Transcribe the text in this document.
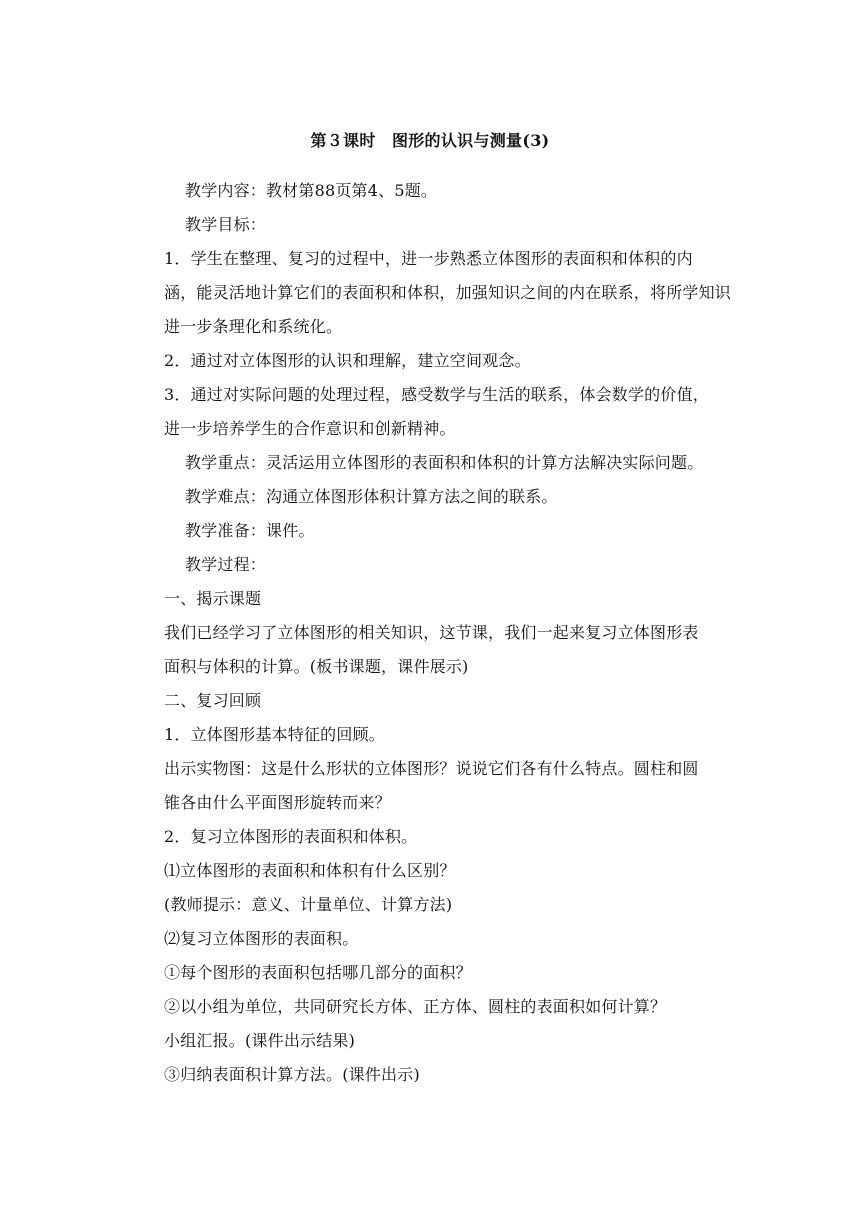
第３课时　图形的认识与测量(3)
教学内容：教材第88页第4、5题。
教学目标：
1．学生在整理、复习的过程中，进一步熟悉立体图形的表面积和体积的内
涵，能灵活地计算它们的表面积和体积，加强知识之间的内在联系，将所学知识
进一步条理化和系统化。
2．通过对立体图形的认识和理解，建立空间观念。
3．通过对实际问题的处理过程，感受数学与生活的联系，体会数学的价值，
进一步培养学生的合作意识和创新精神。
教学重点：灵活运用立体图形的表面积和体积的计算方法解决实际问题。
教学难点：沟通立体图形体积计算方法之间的联系。
教学准备：课件。
教学过程：
一、揭示课题
我们已经学习了立体图形的相关知识，这节课，我们一起来复习立体图形表
面积与体积的计算。(板书课题，课件展示)
二、复习回顾
1．立体图形基本特征的回顾。
出示实物图：这是什么形状的立体图形？说说它们各有什么特点。圆柱和圆
锥各由什么平面图形旋转而来？
2．复习立体图形的表面积和体积。
⑴立体图形的表面积和体积有什么区别？
(教师提示：意义、计量单位、计算方法)
⑵复习立体图形的表面积。
①每个图形的表面积包括哪几部分的面积？
②以小组为单位，共同研究长方体、正方体、圆柱的表面积如何计算？
小组汇报。(课件出示结果)
③归纳表面积计算方法。(课件出示)
